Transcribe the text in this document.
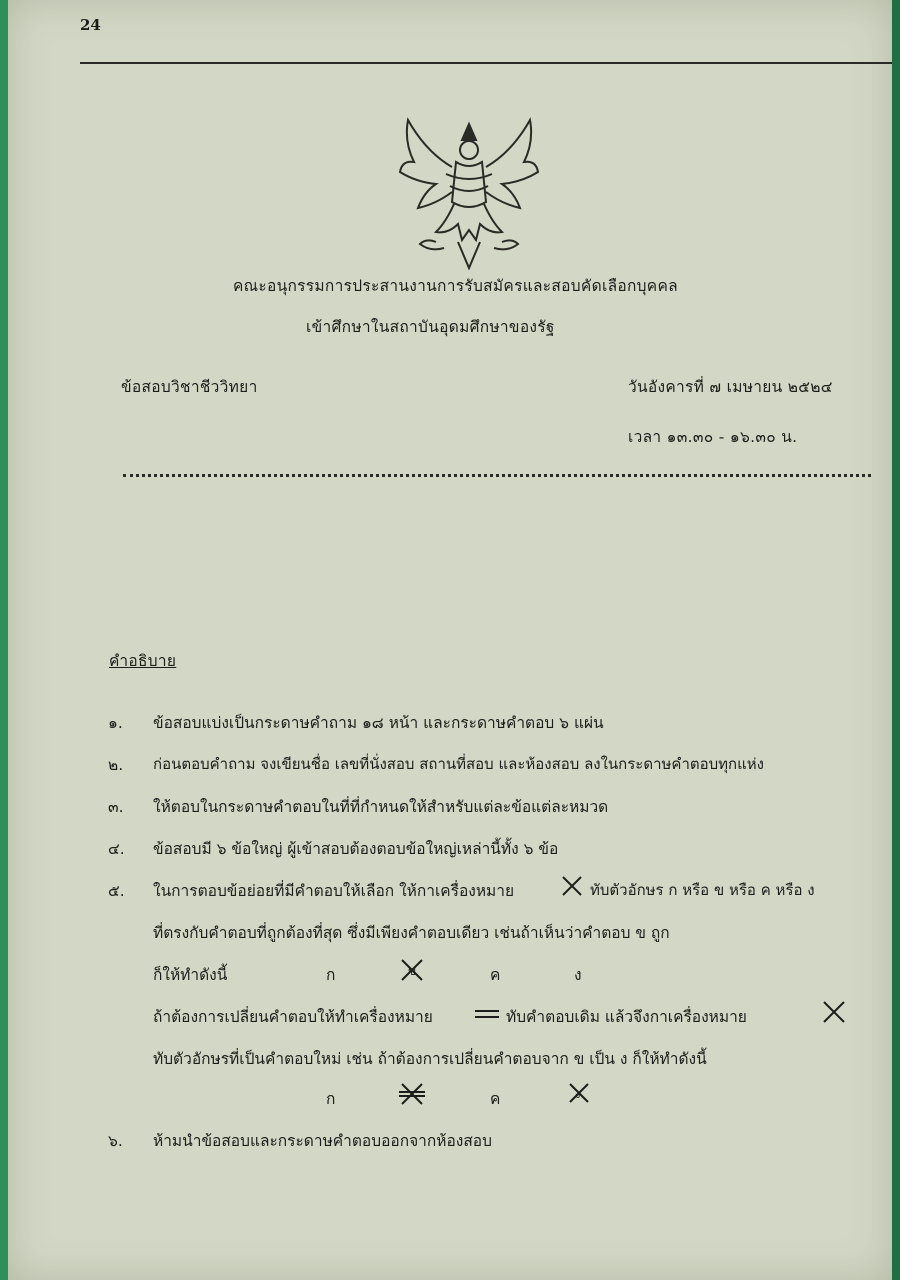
24
คณะอนุกรรมการประสานงานการรับสมัครและสอบคัดเลือกบุคคล
เข้าศึกษาในสถาบันอุดมศึกษาของรัฐ
ข้อสอบวิชาชีววิทยา	วันอังคารที่ ๗ เมษายน ๒๕๒๔
เวลา ๑๓.๓๐ - ๑๖.๓๐ น.
คำอธิบาย
๑. ข้อสอบแบ่งเป็นกระดาษคำถาม ๑๘ หน้า และกระดาษคำตอบ ๖ แผ่น
๒. ก่อนตอบคำถาม จงเขียนชื่อ เลขที่นั่งสอบ สถานที่สอบ และห้องสอบ ลงในกระดาษคำตอบทุกแห่ง
๓. ให้ตอบในกระดาษคำตอบในที่ที่กำหนดให้สำหรับแต่ละข้อแต่ละหมวด
๔. ข้อสอบมี ๖ ข้อใหญ่ ผู้เข้าสอบต้องตอบข้อใหญ่เหล่านี้ทั้ง ๖ ข้อ
๕. ในการตอบข้อย่อยที่มีคำตอบให้เลือก ให้กาเครื่องหมาย	ทับตัวอักษร ก หรือ ข หรือ ค หรือ ง
ที่ตรงกับคำตอบที่ถูกต้องที่สุด ซึ่งมีเพียงคำตอบเดียว เช่นถ้าเห็นว่าคำตอบ ข ถูก
ก็ให้ทำดังนี้	ก	ข	ค	ง
ถ้าต้องการเปลี่ยนคำตอบให้ทำเครื่องหมาย	ทับคำตอบเดิม แล้วจึงกาเครื่องหมาย
ทับตัวอักษรที่เป็นคำตอบใหม่ เช่น ถ้าต้องการเปลี่ยนคำตอบจาก ข เป็น ง ก็ให้ทำดังนี้
ก	ค	ง
๖. ห้ามนำข้อสอบและกระดาษคำตอบออกจากห้องสอบ
